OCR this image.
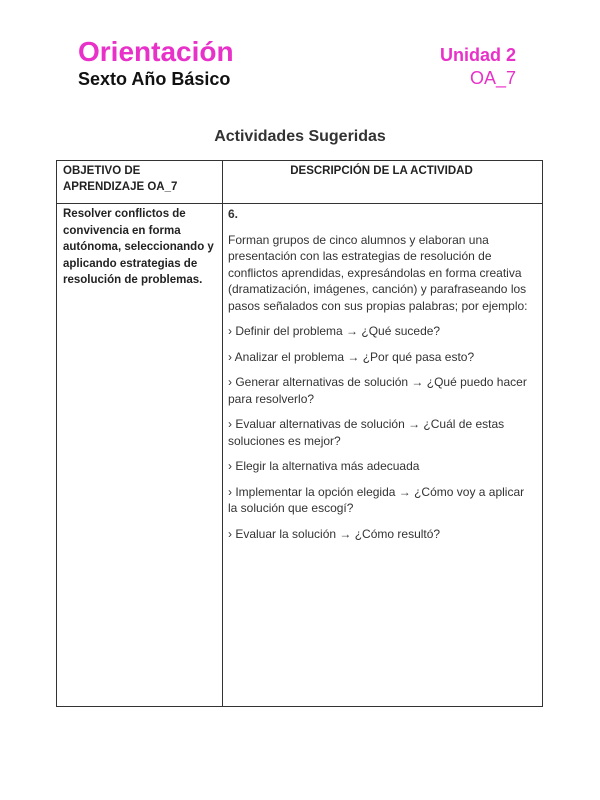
Orientación
Sexto Año Básico
Unidad 2
OA_7
Actividades Sugeridas
OBJETIVO DE APRENDIZAJE OA_7
DESCRIPCIÓN DE LA ACTIVIDAD
Resolver conflictos de convivencia en forma autónoma, seleccionando y aplicando estrategias de resolución de problemas.

6.

Forman grupos de cinco alumnos y elaboran una presentación con las estrategias de resolución de conflictos aprendidas, expresándolas en forma creativa (dramatización, imágenes, canción) y parafraseando los pasos señalados con sus propias palabras; por ejemplo:

› Definir del problema → ¿Qué sucede?

› Analizar el problema → ¿Por qué pasa esto?

› Generar alternativas de solución → ¿Qué puedo hacer para resolverlo?

› Evaluar alternativas de solución → ¿Cuál de estas soluciones es mejor?

› Elegir la alternativa más adecuada

› Implementar la opción elegida → ¿Cómo voy a aplicar la solución que escogí?

› Evaluar la solución → ¿Cómo resultó?
